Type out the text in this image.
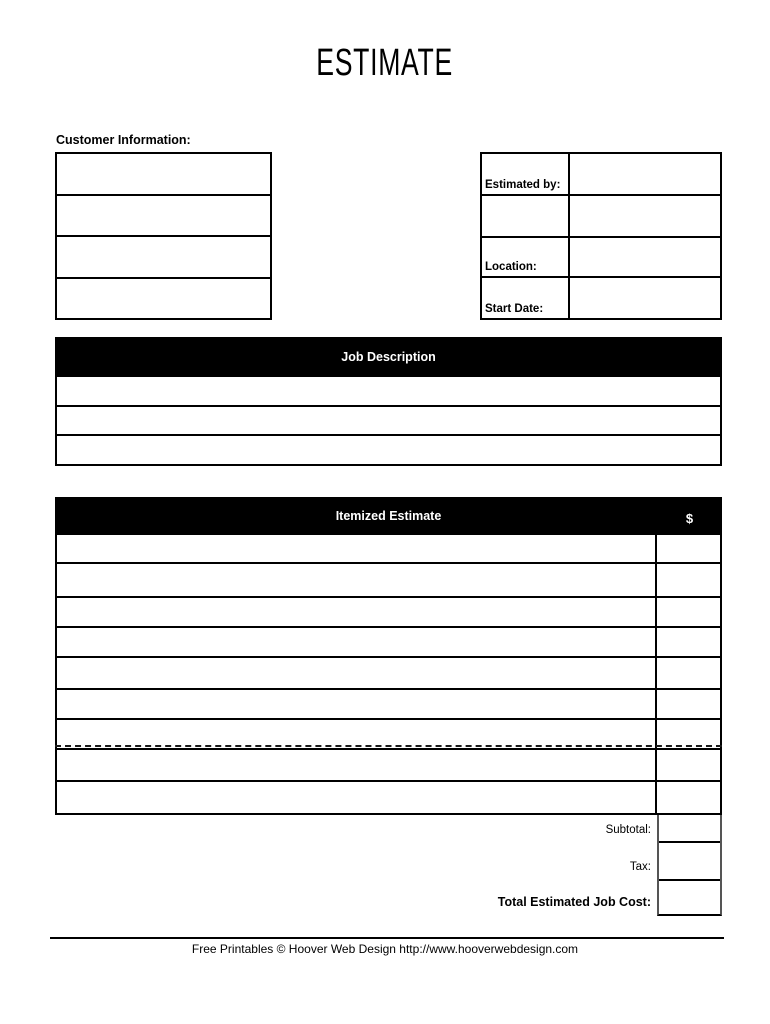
ESTIMATE
Customer Information:
Estimated by:
Location:
Start Date:
Job Description
Itemized Estimate	$
Subtotal:
Tax:
Total Estimated Job Cost:
Free Printables © Hoover Web Design http://www.hooverwebdesign.com
